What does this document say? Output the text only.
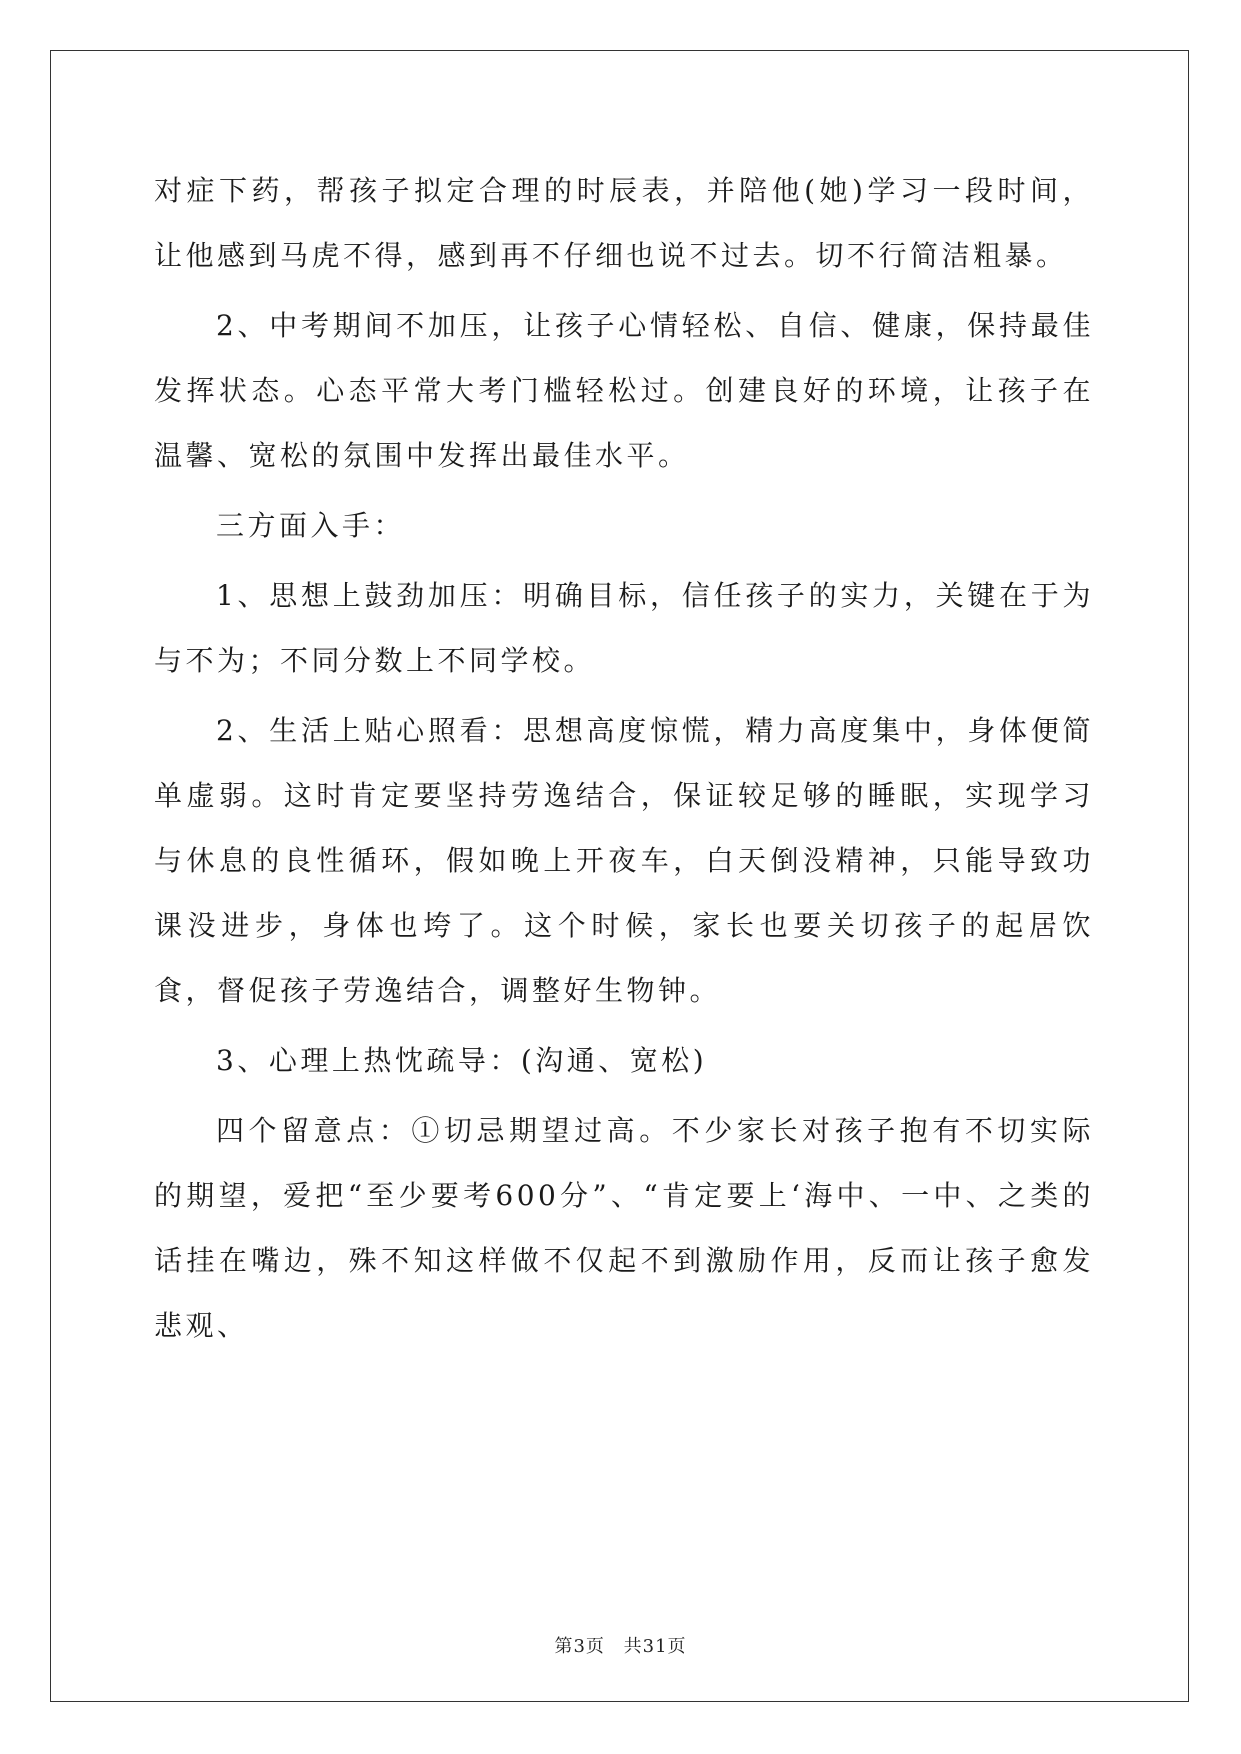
对症下药，帮孩子拟定合理的时辰表，并陪他(她)学习一段时间，让他感到马虎不得，感到再不仔细也说不过去。切不行简洁粗暴。

2、中考期间不加压，让孩子心情轻松、自信、健康，保持最佳发挥状态。心态平常大考门槛轻松过。创建良好的环境，让孩子在温馨、宽松的氛围中发挥出最佳水平。

三方面入手：

1、思想上鼓劲加压：明确目标，信任孩子的实力，关键在于为与不为；不同分数上不同学校。

2、生活上贴心照看：思想高度惊慌，精力高度集中，身体便简单虚弱。这时肯定要坚持劳逸结合，保证较足够的睡眠，实现学习与休息的良性循环，假如晚上开夜车，白天倒没精神，只能导致功课没进步，身体也垮了。这个时候，家长也要关切孩子的起居饮食，督促孩子劳逸结合，调整好生物钟。

3、心理上热忱疏导：(沟通、宽松)

四个留意点：①切忌期望过高。不少家长对孩子抱有不切实际的期望，爱把“至少要考600分”、“肯定要上‘海中、一中、之类的话挂在嘴边，殊不知这样做不仅起不到激励作用，反而让孩子愈发悲观、

第3页 共31页
